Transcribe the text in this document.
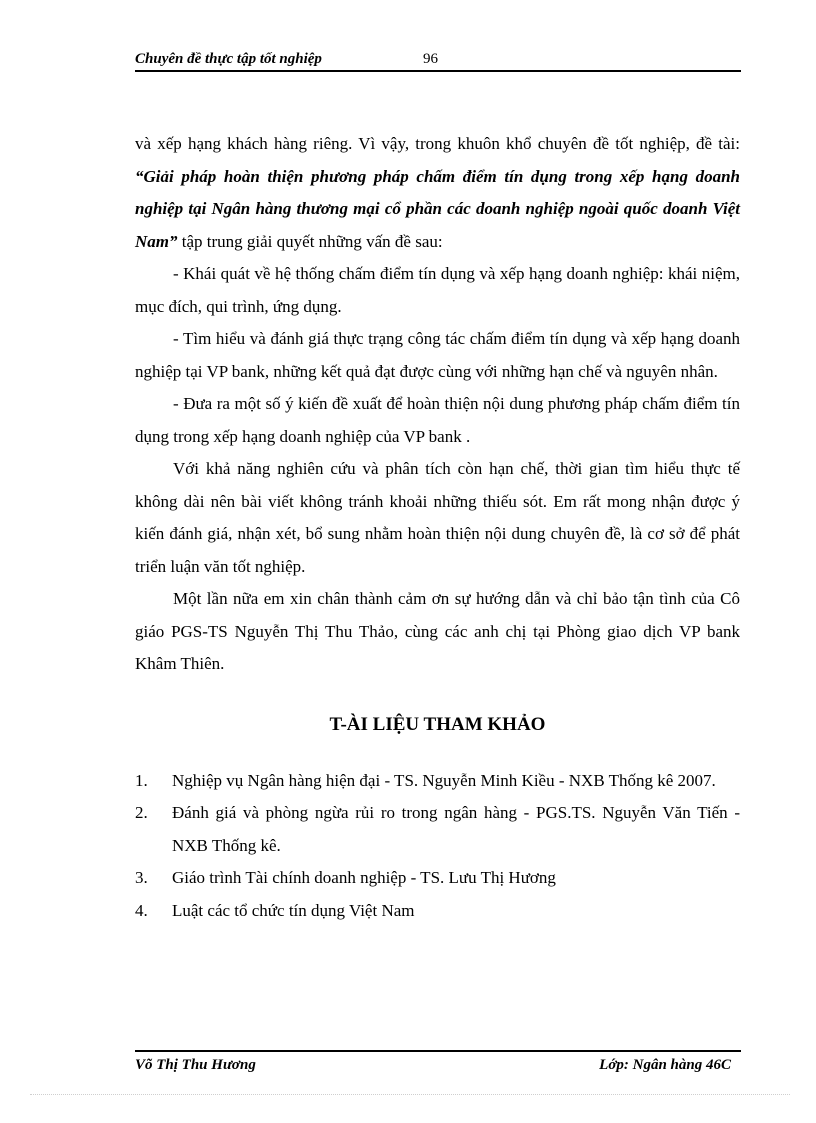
Chuyên đề thực tập tốt nghiệp	96

và xếp hạng khách hàng riêng. Vì vậy, trong khuôn khổ chuyên đề tốt nghiệp, đề tài: “Giải pháp hoàn thiện phương pháp chấm điểm tín dụng trong xếp hạng doanh nghiệp tại Ngân hàng thương mại cổ phần các doanh nghiệp ngoài quốc doanh Việt Nam” tập trung giải quyết những vấn đề sau:

- Khái quát về hệ thống chấm điểm tín dụng và xếp hạng doanh nghiệp: khái niệm, mục đích, qui trình, ứng dụng.

- Tìm hiểu và đánh giá thực trạng công tác chấm điểm tín dụng và xếp hạng doanh nghiệp tại VP bank, những kết quả đạt được cùng với những hạn chế và nguyên nhân.

- Đưa ra một số ý kiến đề xuất để hoàn thiện nội dung phương pháp chấm điểm tín dụng trong xếp hạng doanh nghiệp của VP bank .

Với khả năng nghiên cứu và phân tích còn hạn chế, thời gian tìm hiểu thực tế không dài nên bài viết không tránh khoải những thiếu sót. Em rất mong nhận được ý kiến đánh giá, nhận xét, bổ sung nhằm hoàn thiện nội dung chuyên đề, là cơ sở để phát triển luận văn tốt nghiệp.

Một lần nữa em xin chân thành cảm ơn sự hướng dẫn và chỉ bảo tận tình của Cô giáo PGS-TS Nguyễn Thị Thu Thảo, cùng các anh chị tại Phòng giao dịch VP bank Khâm Thiên.

T-ÀI LIỆU THAM KHẢO
1.	Nghiệp vụ Ngân hàng hiện đại - TS. Nguyễn Minh Kiều - NXB Thống kê 2007.
2.	Đánh giá và phòng ngừa rủi ro trong ngân hàng - PGS.TS. Nguyễn Văn Tiến - NXB Thống kê.
3.	Giáo trình Tài chính doanh nghiệp - TS. Lưu Thị Hương
4.	Luật các tổ chức tín dụng Việt Nam
Võ Thị Thu Hương	Lớp: Ngân hàng 46C
